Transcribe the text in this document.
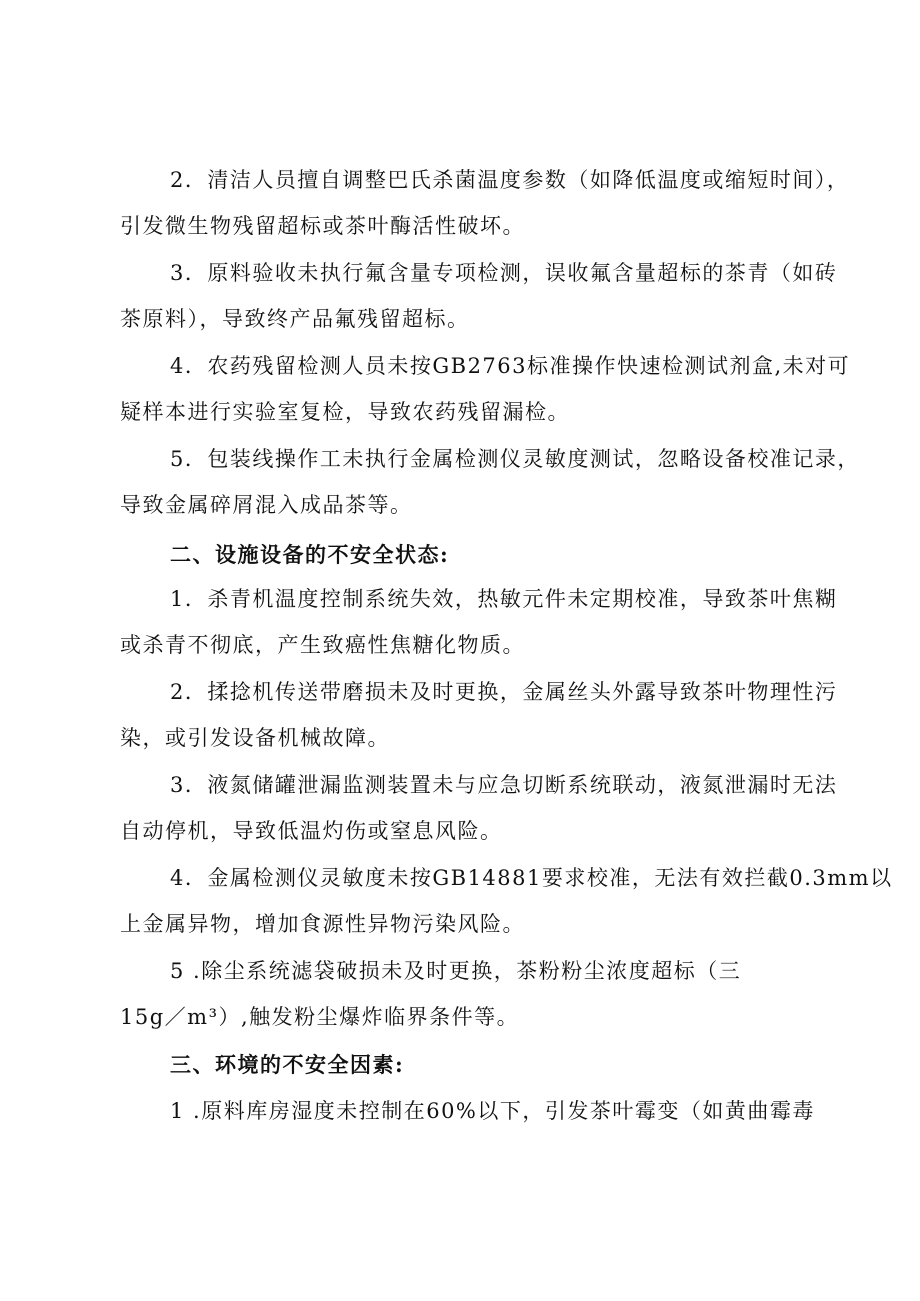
2．清洁人员擅自调整巴氏杀菌温度参数（如降低温度或缩短时间），
引发微生物残留超标或茶叶酶活性破坏。
3．原料验收未执行氟含量专项检测，误收氟含量超标的茶青（如砖
茶原料），导致终产品氟残留超标。
4．农药残留检测人员未按GB2763标准操作快速检测试剂盒,未对可
疑样本进行实验室复检，导致农药残留漏检。
5．包装线操作工未执行金属检测仪灵敏度测试，忽略设备校准记录，
导致金属碎屑混入成品茶等。
二、设施设备的不安全状态:
1．杀青机温度控制系统失效，热敏元件未定期校准，导致茶叶焦糊
或杀青不彻底，产生致癌性焦糖化物质。
2．揉捻机传送带磨损未及时更换，金属丝头外露导致茶叶物理性污
染，或引发设备机械故障。
3．液氮储罐泄漏监测装置未与应急切断系统联动，液氮泄漏时无法
自动停机，导致低温灼伤或窒息风险。
4．金属检测仪灵敏度未按GB14881要求校准，无法有效拦截0.3mm以
上金属异物，增加食源性异物污染风险。
5 .除尘系统滤袋破损未及时更换，茶粉粉尘浓度超标（三
15g／m³）,触发粉尘爆炸临界条件等。
三、环境的不安全因素:
1 .原料库房湿度未控制在60%以下，引发茶叶霉变（如黄曲霉毒
